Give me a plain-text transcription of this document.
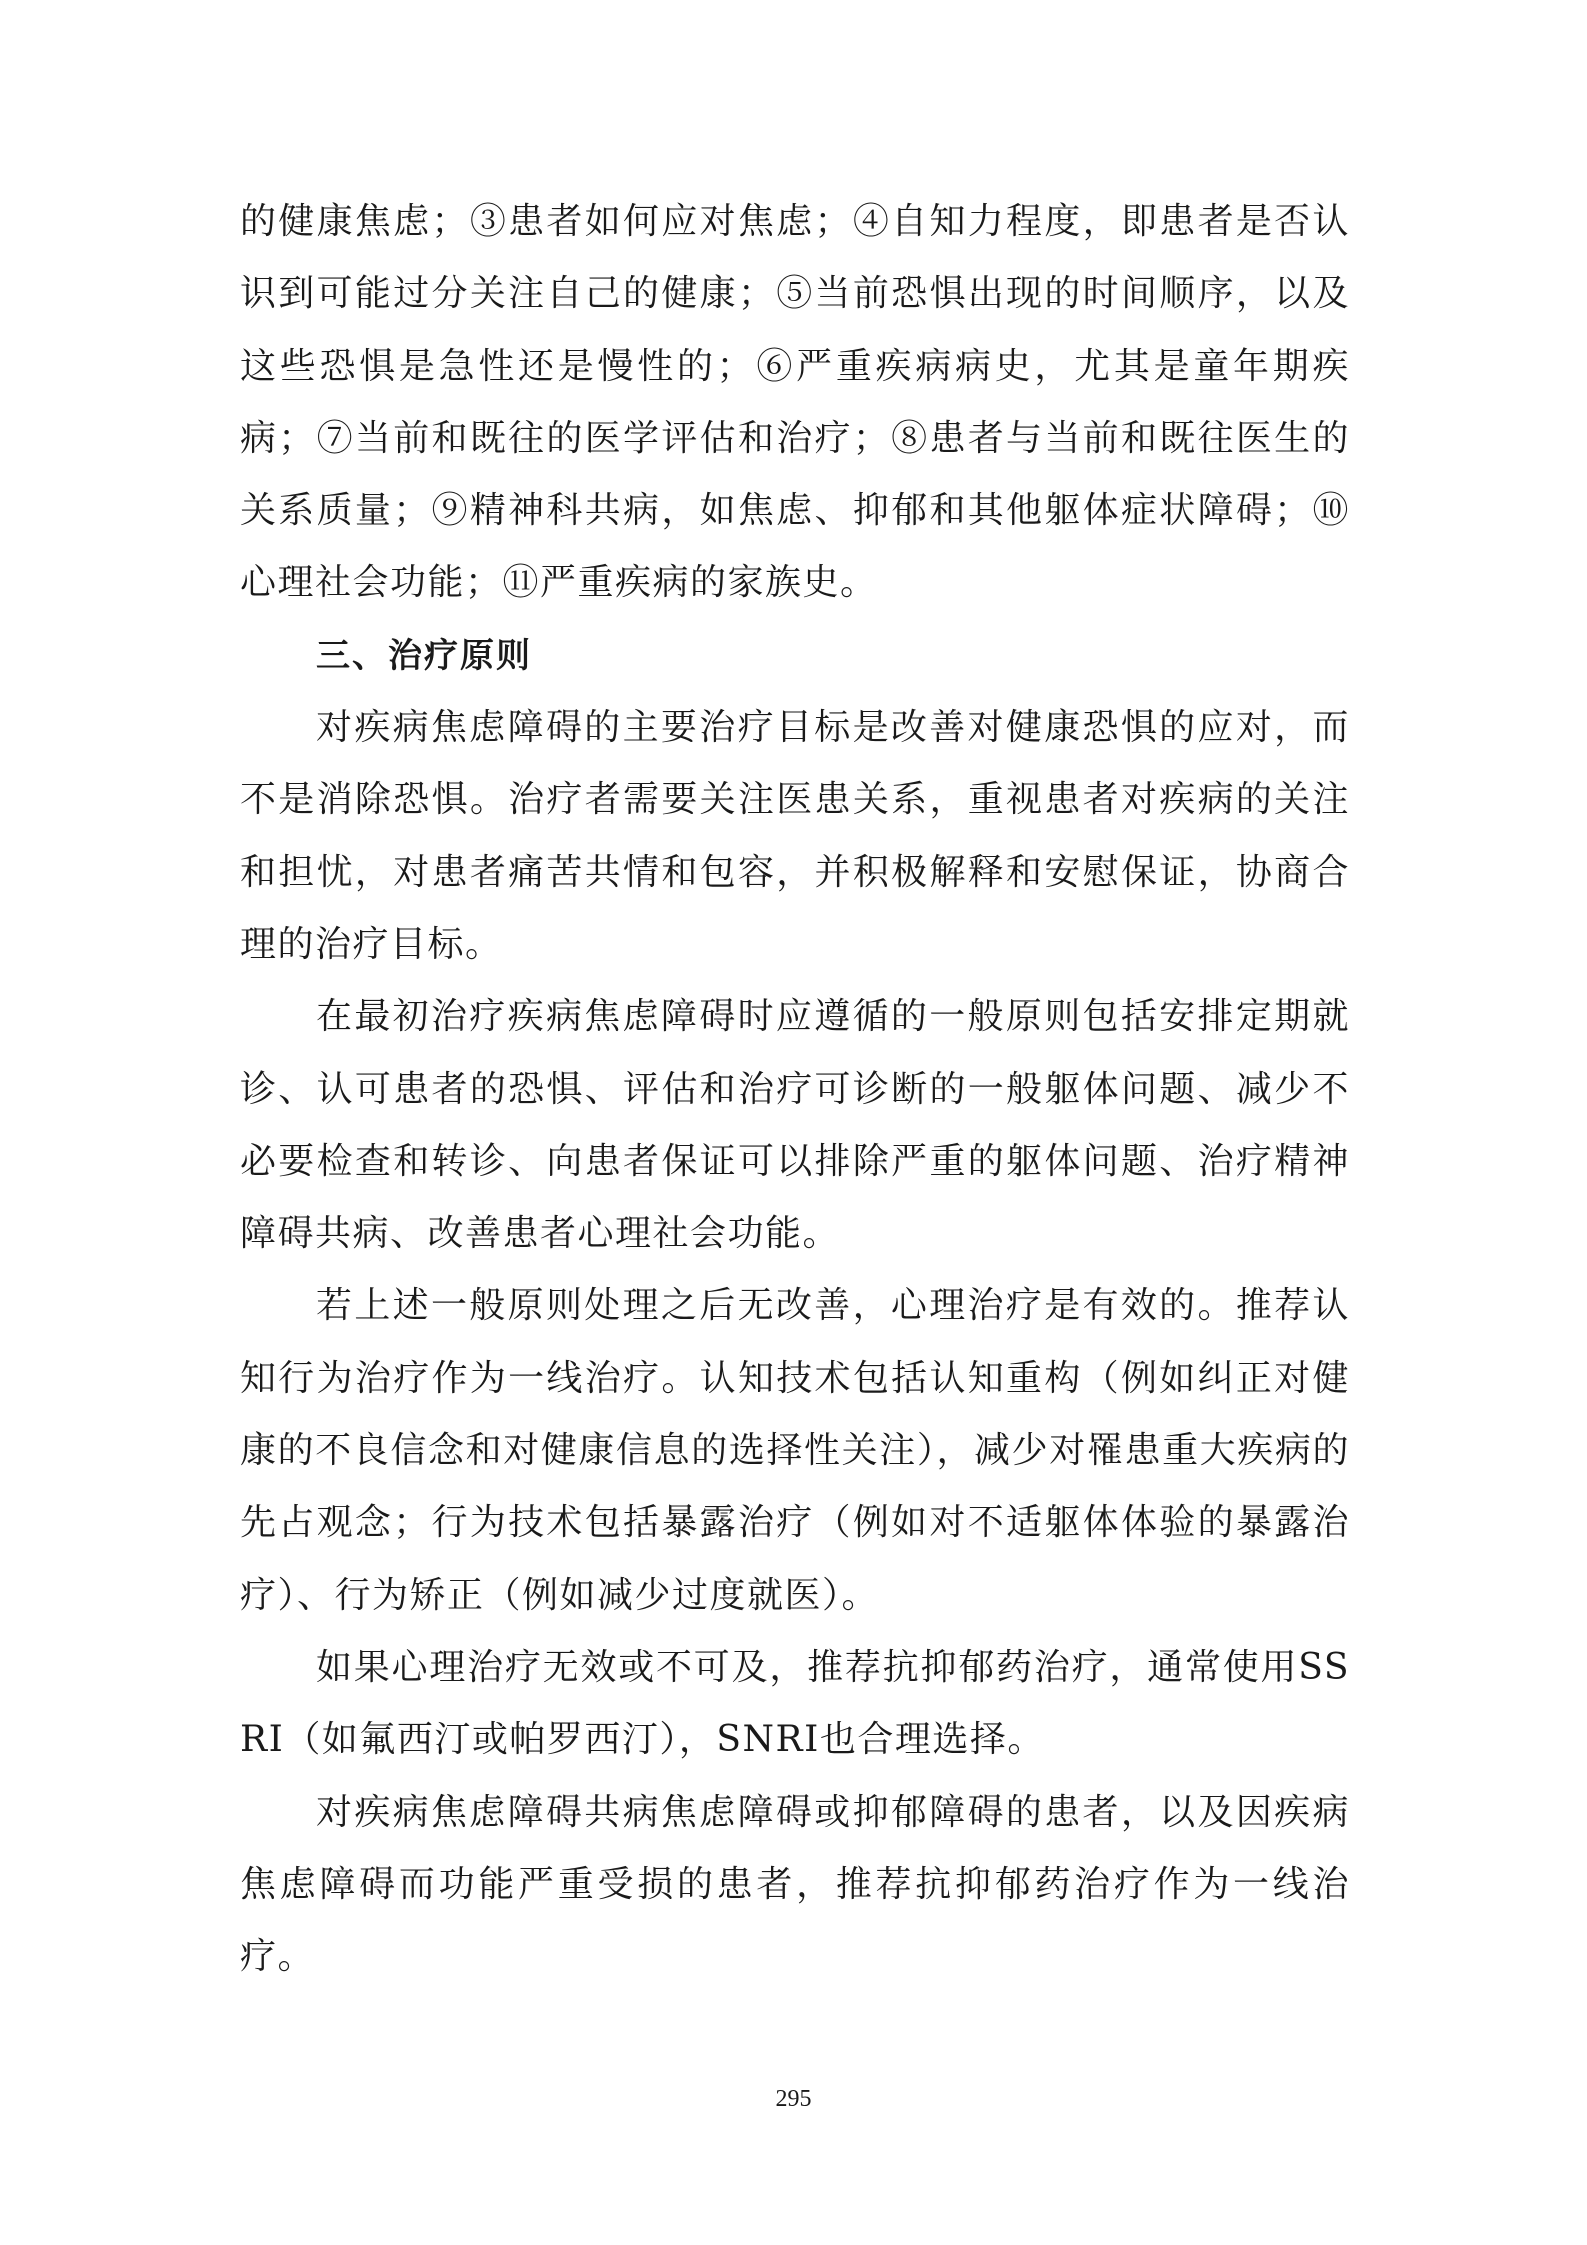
的健康焦虑；③患者如何应对焦虑；④自知力程度，即患者是否认识到可能过分关注自己的健康；⑤当前恐惧出现的时间顺序，以及这些恐惧是急性还是慢性的；⑥严重疾病病史，尤其是童年期疾病；⑦当前和既往的医学评估和治疗；⑧患者与当前和既往医生的关系质量；⑨精神科共病，如焦虑、抑郁和其他躯体症状障碍；⑩心理社会功能；⑪严重疾病的家族史。

三、治疗原则

对疾病焦虑障碍的主要治疗目标是改善对健康恐惧的应对，而不是消除恐惧。治疗者需要关注医患关系，重视患者对疾病的关注和担忧，对患者痛苦共情和包容，并积极解释和安慰保证，协商合理的治疗目标。

在最初治疗疾病焦虑障碍时应遵循的一般原则包括安排定期就诊、认可患者的恐惧、评估和治疗可诊断的一般躯体问题、减少不必要检查和转诊、向患者保证可以排除严重的躯体问题、治疗精神障碍共病、改善患者心理社会功能。

若上述一般原则处理之后无改善，心理治疗是有效的。推荐认知行为治疗作为一线治疗。认知技术包括认知重构（例如纠正对健康的不良信念和对健康信息的选择性关注），减少对罹患重大疾病的先占观念；行为技术包括暴露治疗（例如对不适躯体体验的暴露治疗）、行为矫正（例如减少过度就医）。

如果心理治疗无效或不可及，推荐抗抑郁药治疗，通常使用SSRI（如氟西汀或帕罗西汀），SNRI也合理选择。

对疾病焦虑障碍共病焦虑障碍或抑郁障碍的患者，以及因疾病焦虑障碍而功能严重受损的患者，推荐抗抑郁药治疗作为一线治疗。

295
